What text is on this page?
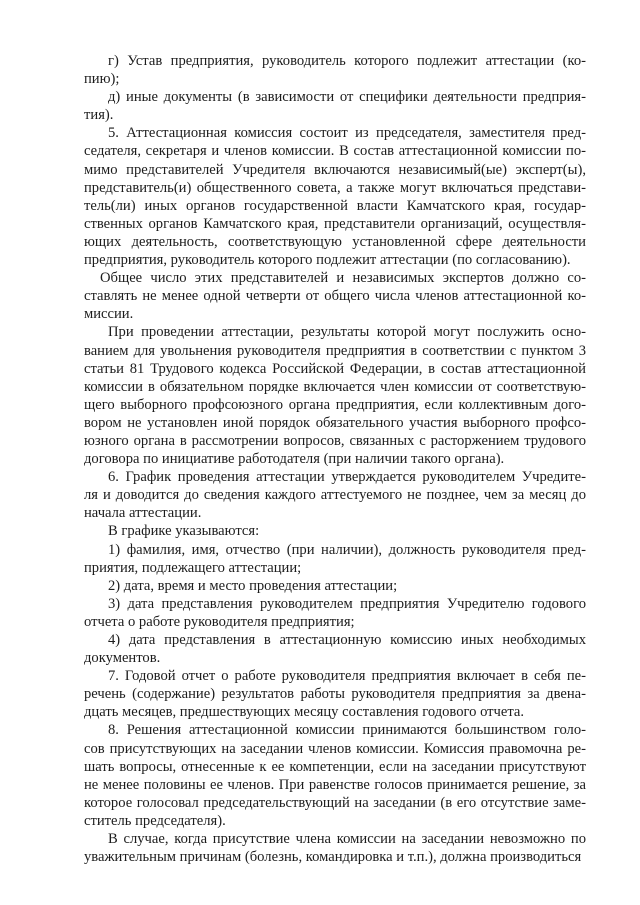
г) Устав предприятия, руководитель которого подлежит аттестации (ко-
пию);
д) иные документы (в зависимости от специфики деятельности предприя-
тия).
5. Аттестационная комиссия состоит из председателя, заместителя пред-
седателя, секретаря и членов комиссии. В состав аттестационной комиссии по-
мимо представителей Учредителя включаются независимый(ые) эксперт(ы),
представитель(и) общественного совета, а также могут включаться представи-
тель(ли) иных органов государственной власти Камчатского края, государ-
ственных органов Камчатского края, представители организаций, осуществля-
ющих деятельность, соответствующую установленной сфере деятельности
предприятия, руководитель которого подлежит аттестации (по согласованию).
Общее число этих представителей и независимых экспертов должно со-
ставлять не менее одной четверти от общего числа членов аттестационной ко-
миссии.
При проведении аттестации, результаты которой могут послужить осно-
ванием для увольнения руководителя предприятия в соответствии с пунктом 3
статьи 81 Трудового кодекса Российской Федерации, в состав аттестационной
комиссии в обязательном порядке включается член комиссии от соответствую-
щего выборного профсоюзного органа предприятия, если коллективным дого-
вором не установлен иной порядок обязательного участия выборного профсо-
юзного органа в рассмотрении вопросов, связанных с расторжением трудового
договора по инициативе работодателя (при наличии такого органа).
6. График проведения аттестации утверждается руководителем Учредите-
ля и доводится до сведения каждого аттестуемого не позднее, чем за месяц до
начала аттестации.
В графике указываются:
1) фамилия, имя, отчество (при наличии), должность руководителя пред-
приятия, подлежащего аттестации;
2) дата, время и место проведения аттестации;
3) дата представления руководителем предприятия Учредителю годового
отчета о работе руководителя предприятия;
4) дата представления в аттестационную комиссию иных необходимых
документов.
7. Годовой отчет о работе руководителя предприятия включает в себя пе-
речень (содержание) результатов работы руководителя предприятия за двена-
дцать месяцев, предшествующих месяцу составления годового отчета.
8. Решения аттестационной комиссии принимаются большинством голо-
сов присутствующих на заседании членов комиссии. Комиссия правомочна ре-
шать вопросы, отнесенные к ее компетенции, если на заседании присутствуют
не менее половины ее членов. При равенстве голосов принимается решение, за
которое голосовал председательствующий на заседании (в его отсутствие заме-
ститель председателя).
В случае, когда присутствие члена комиссии на заседании невозможно по
уважительным причинам (болезнь, командировка и т.п.), должна производиться
